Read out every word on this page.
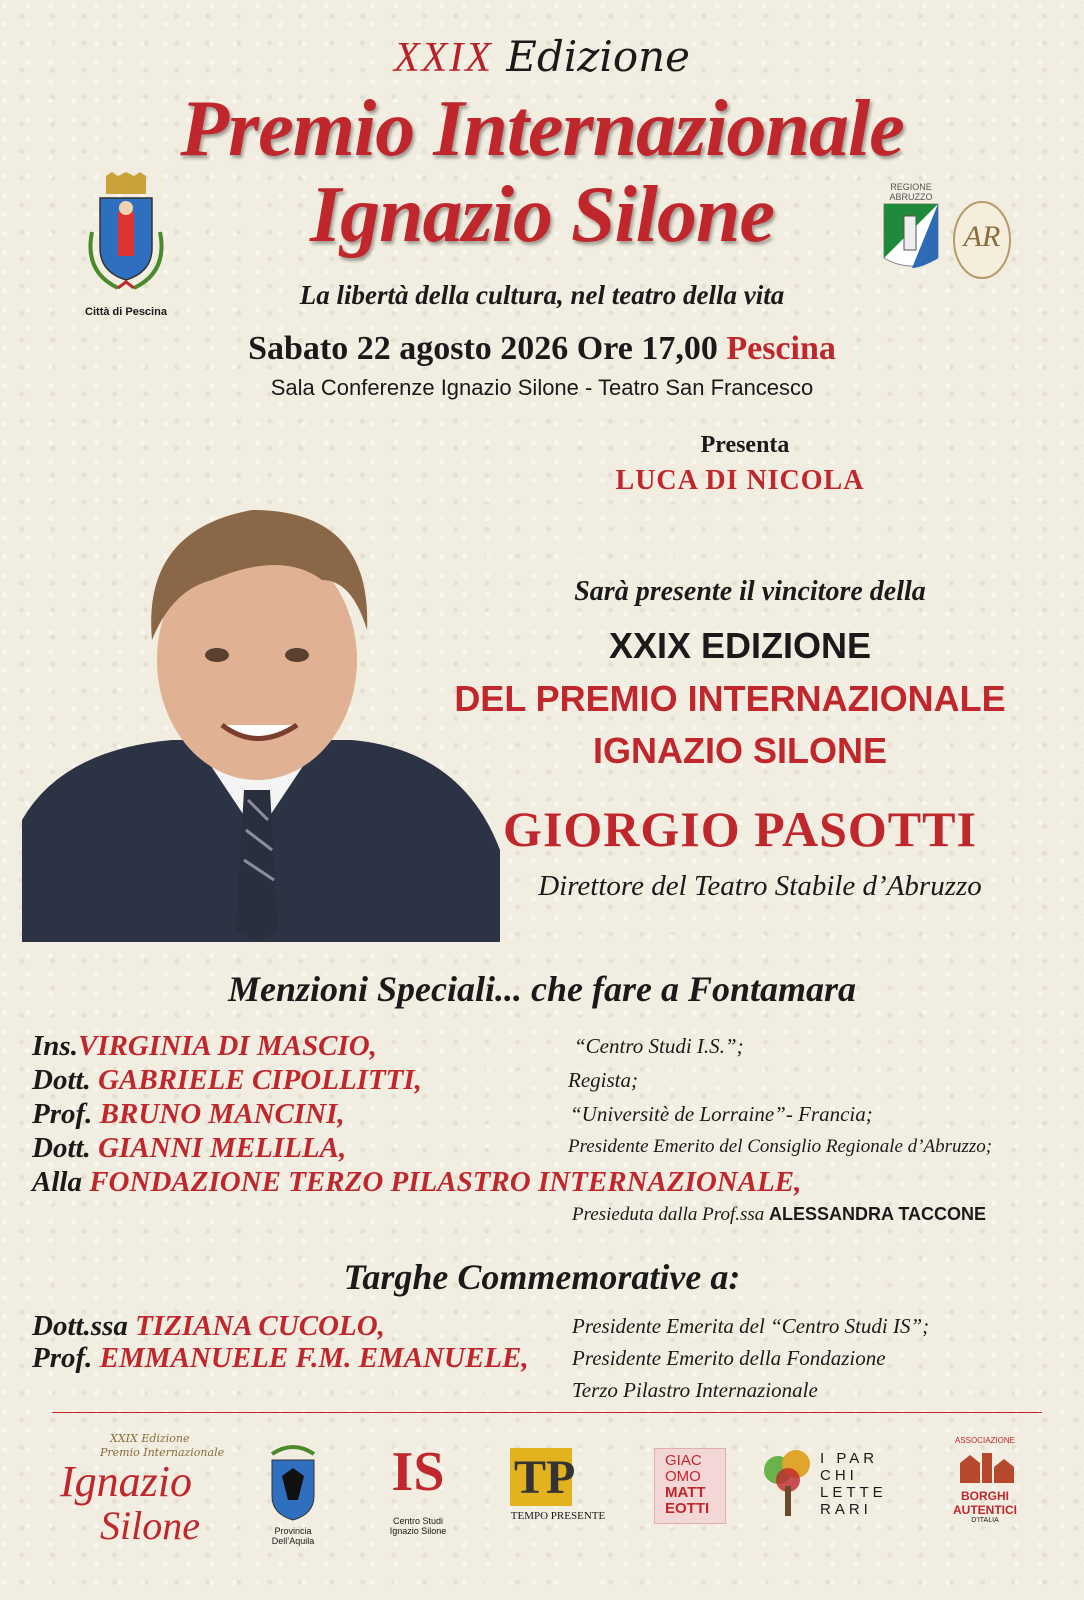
XXIX Edizione
Premio Internazionale
Ignazio Silone
Città di Pescina
REGIONE ABRUZZO
AR
La libertà della cultura, nel teatro della vita
Sabato 22 agosto 2026 Ore 17,00 Pescina
Sala Conferenze Ignazio Silone - Teatro San Francesco
Presenta
LUCA DI NICOLA
Sarà presente il vincitore della
XXIX EDIZIONE
DEL PREMIO INTERNAZIONALE
IGNAZIO SILONE
GIORGIO PASOTTI
Direttore del Teatro Stabile d’Abruzzo
Menzioni Speciali... che fare a Fontamara
Ins.VIRGINIA DI MASCIO,	“Centro Studi I.S.”;
Dott. GABRIELE CIPOLLITTI,	Regista;
Prof. BRUNO MANCINI,	“Universitè de Lorraine”- Francia;
Dott. GIANNI MELILLA,	Presidente Emerito del Consiglio Regionale d’Abruzzo;
Alla FONDAZIONE TERZO PILASTRO INTERNAZIONALE,
Presieduta dalla Prof.ssa ALESSANDRA TACCONE
Targhe Commemorative a:
Dott.ssa TIZIANA CUCOLO,	Presidente Emerita del “Centro Studi IS”;
Prof. EMMANUELE F.M. EMANUELE, Presidente Emerito della Fondazione
Terzo Pilastro Internazionale
XXIX Edizione
Premio Internazionale
Ignazio
Silone	Provincia Dell’Aquila
IS
Centro Studi Ignazio Silone
TP
TEMPO PRESENTE
GIAC
OMO
MATT
EOTTI
I PAR
CHI
LETTE
RARI
ASSOCIAZIONE
BORGHI
AUTENTICI
D’ITALIA
